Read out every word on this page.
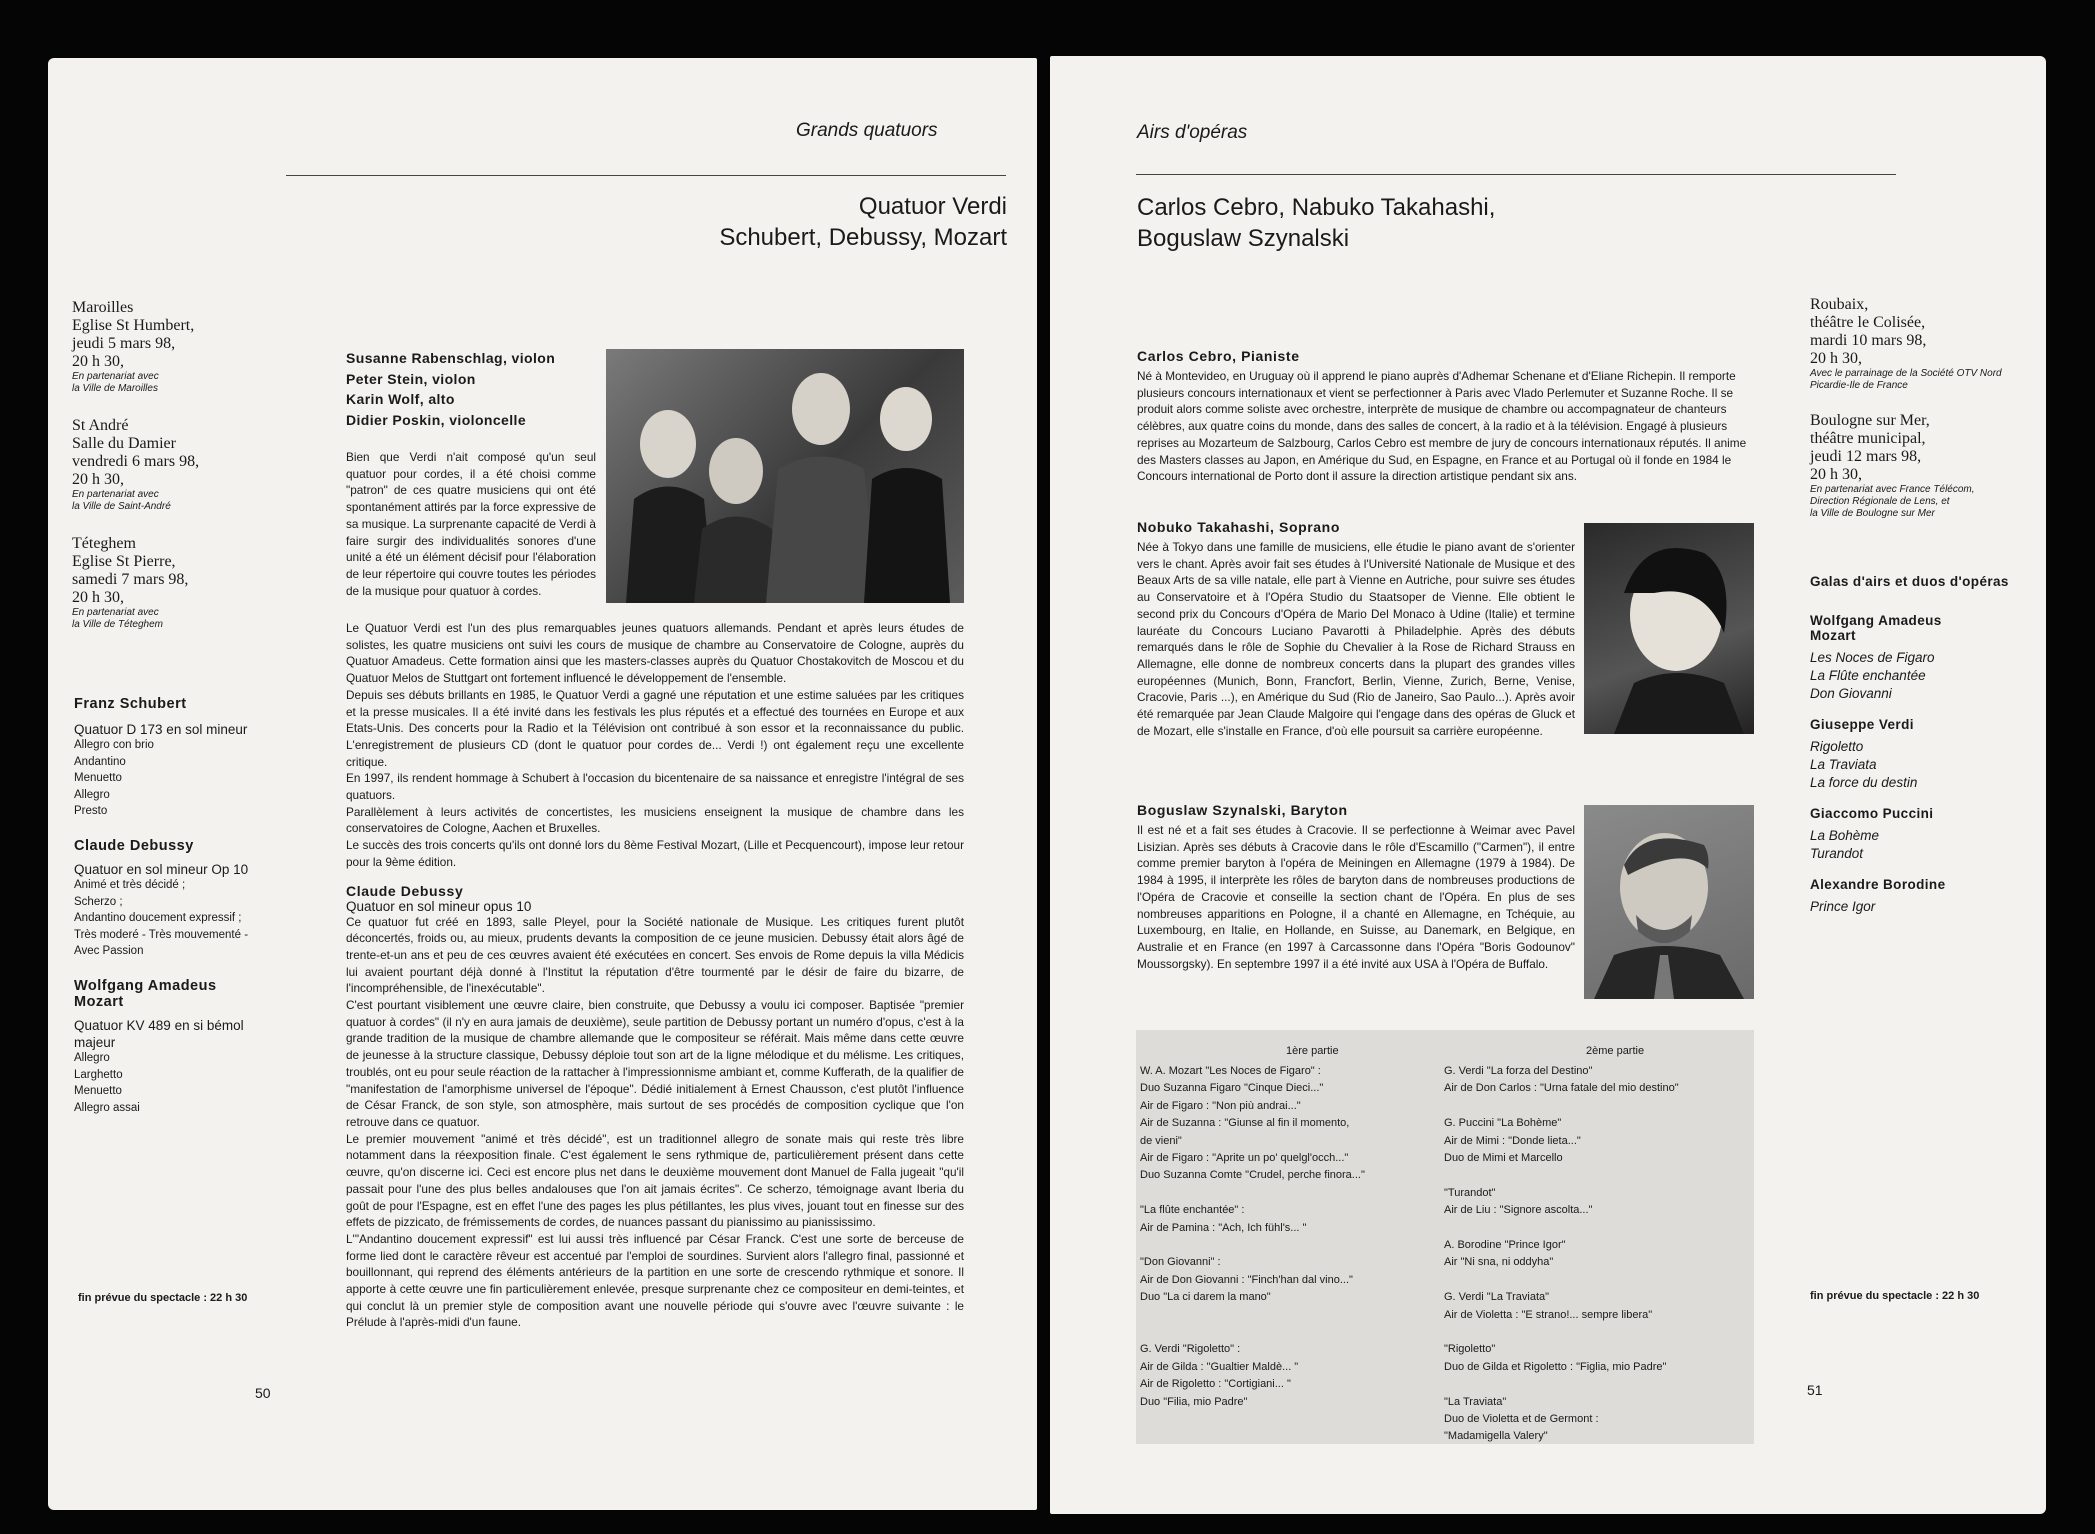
Grands quatuors
Quatuor Verdi
Schubert, Debussy, Mozart
Maroilles
Eglise St Humbert,
jeudi 5 mars 98,
20 h 30,
En partenariat avec
la Ville de Maroilles
St André
Salle du Damier
vendredi 6 mars 98,
20 h 30,
En partenariat avec
la Ville de Saint-André
Téteghem
Eglise St Pierre,
samedi 7 mars 98,
20 h 30,
En partenariat avec
la Ville de Téteghem

Franz Schubert

Quatuor D 173 en sol mineur

Allegro con brio

Andantino

Menuetto

Allegro

Presto

Claude Debussy

Quatuor en sol mineur Op 10

Animé et très décidé ;

Scherzo ;

Andantino doucement expressif ;

Très moderé - Très mouvementé -

Avec Passion

Wolfgang Amadeus

Mozart

Quatuor KV 489 en si bémol

majeur

Allegro

Larghetto

Menuetto

Allegro assai

fin prévue du spectacle : 22 h 30
50

Susanne Rabenschlag, violon

Peter Stein, violon

Karin Wolf, alto

Didier Poskin, violoncelle

Bien que Verdi n'ait composé qu'un seul quatuor pour cordes, il a été choisi comme "patron" de ces quatre musiciens qui ont été spontanément attirés par la force expressive de sa musique. La surprenante capacité de Verdi à faire surgir des individualités sonores d'une unité a été un élément décisif pour l'élaboration de leur répertoire qui couvre toutes les périodes de la musique pour quatuor à cordes.

Le Quatuor Verdi est l'un des plus remarquables jeunes quatuors allemands. Pendant et après leurs études de solistes, les quatre musiciens ont suivi les cours de musique de chambre au Conservatoire de Cologne, auprès du Quatuor Amadeus. Cette formation ainsi que les masters-classes auprès du Quatuor Chostakovitch de Moscou et du Quatuor Melos de Stuttgart ont fortement influencé le développement de l'ensemble.

Depuis ses débuts brillants en 1985, le Quatuor Verdi a gagné une réputation et une estime saluées par les critiques et la presse musicales. Il a été invité dans les festivals les plus réputés et a effectué des tournées en Europe et aux Etats-Unis. Des concerts pour la Radio et la Télévision ont contribué à son essor et la reconnaissance du public. L'enregistrement de plusieurs CD (dont le quatuor pour cordes de... Verdi !) ont également reçu une excellente critique.

En 1997, ils rendent hommage à Schubert à l'occasion du bicentenaire de sa naissance et enregistre l'intégral de ses quatuors.

Parallèlement à leurs activités de concertistes, les musiciens enseignent la musique de chambre dans les conservatoires de Cologne, Aachen et Bruxelles.

Le succès des trois concerts qu'ils ont donné lors du 8ème Festival Mozart, (Lille et Pecquencourt), impose leur retour pour la 9ème édition.

Claude Debussy

Quatuor en sol mineur opus 10

Ce quatuor fut créé en 1893, salle Pleyel, pour la Société nationale de Musique. Les critiques furent plutôt déconcertés, froids ou, au mieux, prudents devants la composition de ce jeune musicien. Debussy était alors âgé de trente-et-un ans et peu de ces œuvres avaient été exécutées en concert. Ses envois de Rome depuis la villa Médicis lui avaient pourtant déjà donné à l'Institut la réputation d'être tourmenté par le désir de faire du bizarre, de l'incompréhensible, de l'inexécutable".

C'est pourtant visiblement une œuvre claire, bien construite, que Debussy a voulu ici composer. Baptisée "premier quatuor à cordes" (il n'y en aura jamais de deuxième), seule partition de Debussy portant un numéro d'opus, c'est à la grande tradition de la musique de chambre allemande que le compositeur se référait. Mais même dans cette œuvre de jeunesse à la structure classique, Debussy déploie tout son art de la ligne mélodique et du mélisme. Les critiques, troublés, ont eu pour seule réaction de la rattacher à l'impressionnisme ambiant et, comme Kufferath, de la qualifier de "manifestation de l'amorphisme universel de l'époque". Dédié initialement à Ernest Chausson, c'est plutôt l'influence de César Franck, de son style, son atmosphère, mais surtout de ses procédés de composition cyclique que l'on retrouve dans ce quatuor.

Le premier mouvement "animé et très décidé", est un traditionnel allegro de sonate mais qui reste très libre notamment dans la réexposition finale. C'est également le sens rythmique de, particulièrement présent dans cette œuvre, qu'on discerne ici. Ceci est encore plus net dans le deuxième mouvement dont Manuel de Falla jugeait "qu'il passait pour l'une des plus belles andalouses que l'on ait jamais écrites". Ce scherzo, témoignage avant Iberia du goût de pour l'Espagne, est en effet l'une des pages les plus pétillantes, les plus vives, jouant tout en finesse sur des effets de pizzicato, de frémissements de cordes, de nuances passant du pianissimo au pianississimo.

L'"Andantino doucement expressif" est lui aussi très influencé par César Franck. C'est une sorte de berceuse de forme lied dont le caractère rêveur est accentué par l'emploi de sourdines. Survient alors l'allegro final, passionné et bouillonnant, qui reprend des éléments antérieurs de la partition en une sorte de crescendo rythmique et sonore. Il apporte à cette œuvre une fin particulièrement enlevée, presque surprenante chez ce compositeur en demi-teintes, et qui conclut là un premier style de composition avant une nouvelle période qui s'ouvre avec l'œuvre suivante : le Prélude à l'après-midi d'un faune.

Airs d'opéras
Carlos Cebro, Nabuko Takahashi,
Boguslaw Szynalski
Roubaix,
théâtre le Colisée,
mardi 10 mars 98,
20 h 30,
Avec le parrainage de la Société OTV Nord
Picardie-Ile de France
Boulogne sur Mer,
théâtre municipal,
jeudi 12 mars 98,
20 h 30,
En partenariat avec France Télécom,
Direction Régionale de Lens, et
la Ville de Boulogne sur Mer
Galas d'airs et duos d'opéras
Wolfgang Amadeus
Mozart
Les Noces de Figaro
La Flûte enchantée
Don Giovanni
Giuseppe Verdi
Rigoletto
La Traviata
La force du destin
Giaccomo Puccini
La Bohème
Turandot
Alexandre Borodine
Prince Igor
fin prévue du spectacle : 22 h 30
51

Carlos Cebro, Pianiste

Né à Montevideo, en Uruguay où il apprend le piano auprès d'Adhemar Schenane et d'Eliane Richepin. Il remporte plusieurs concours internationaux et vient se perfectionner à Paris avec Vlado Perlemuter et Suzanne Roche. Il se produit alors comme soliste avec orchestre, interprète de musique de chambre ou accompagnateur de chanteurs célèbres, aux quatre coins du monde, dans des salles de concert, à la radio et à la télévision. Engagé à plusieurs reprises au Mozarteum de Salzbourg, Carlos Cebro est membre de jury de concours internationaux réputés. Il anime des Masters classes au Japon, en Amérique du Sud, en Espagne, en France et au Portugal où il fonde en 1984 le Concours international de Porto dont il assure la direction artistique pendant six ans.

Nobuko Takahashi, Soprano

Née à Tokyo dans une famille de musiciens, elle étudie le piano avant de s'orienter vers le chant. Après avoir fait ses études à l'Université Nationale de Musique et des Beaux Arts de sa ville natale, elle part à Vienne en Autriche, pour suivre ses études au Conservatoire et à l'Opéra Studio du Staatsoper de Vienne. Elle obtient le second prix du Concours d'Opéra de Mario Del Monaco à Udine (Italie) et termine lauréate du Concours Luciano Pavarotti à Philadelphie. Après des débuts remarqués dans le rôle de Sophie du Chevalier à la Rose de Richard Strauss en Allemagne, elle donne de nombreux concerts dans la plupart des grandes villes européennes (Munich, Bonn, Francfort, Berlin, Vienne, Zurich, Berne, Venise, Cracovie, Paris ...), en Amérique du Sud (Rio de Janeiro, Sao Paulo...). Après avoir été remarquée par Jean Claude Malgoire qui l'engage dans des opéras de Gluck et de Mozart, elle s'installe en France, d'où elle poursuit sa carrière européenne.

Boguslaw Szynalski, Baryton

Il est né et a fait ses études à Cracovie. Il se perfectionne à Weimar avec Pavel Lisizian. Après ses débuts à Cracovie dans le rôle d'Escamillo ("Carmen"), il entre comme premier baryton à l'opéra de Meiningen en Allemagne (1979 à 1984). De 1984 à 1995, il interprète les rôles de baryton dans de nombreuses productions de l'Opéra de Cracovie et conseille la section chant de l'Opéra. En plus de ses nombreuses apparitions en Pologne, il a chanté en Allemagne, en Tchéquie, au Luxembourg, en Italie, en Hollande, en Suisse, au Danemark, en Belgique, en Australie et en France (en 1997 à Carcassonne dans l'Opéra "Boris Godounov" Moussorgsky). En septembre 1997 il a été invité aux USA à l'Opéra de Buffalo.

1ère partie	2ème partie
W. A. Mozart "Les Noces de Figaro" :
Duo Suzanna Figaro "Cinque Dieci..."
Air de Figaro : "Non più andrai..."
Air de Suzanna : "Giunse al fin il momento,
de vieni"
Air de Figaro : "Aprite un po' quelgl'occh..."
Duo Suzanna Comte "Crudel, perche finora..."
"La flûte enchantée" :
Air de Pamina : "Ach, Ich fühl's... "
"Don Giovanni" :
Air de Don Giovanni : "Finch'han dal vino..."
Duo "La ci darem la mano"
G. Verdi "Rigoletto" :
Air de Gilda : "Gualtier Maldè... "
Air de Rigoletto : "Cortigiani... "
Duo "Filia, mio Padre"
G. Verdi "La forza del Destino"
Air de Don Carlos : "Urna fatale del mio destino"
G. Puccini "La Bohème"
Air de Mimi : "Donde lieta..."
Duo de Mimi et Marcello
"Turandot"
Air de Liu : "Signore ascolta..."
A. Borodine "Prince Igor"
Air "Ni sna, ni oddyha"
G. Verdi "La Traviata"
Air de Violetta : "E strano!... sempre libera"
"Rigoletto"
Duo de Gilda et Rigoletto : "Figlia, mio Padre"
"La Traviata"
Duo de Violetta et de Germont :
"Madamigella Valery"
